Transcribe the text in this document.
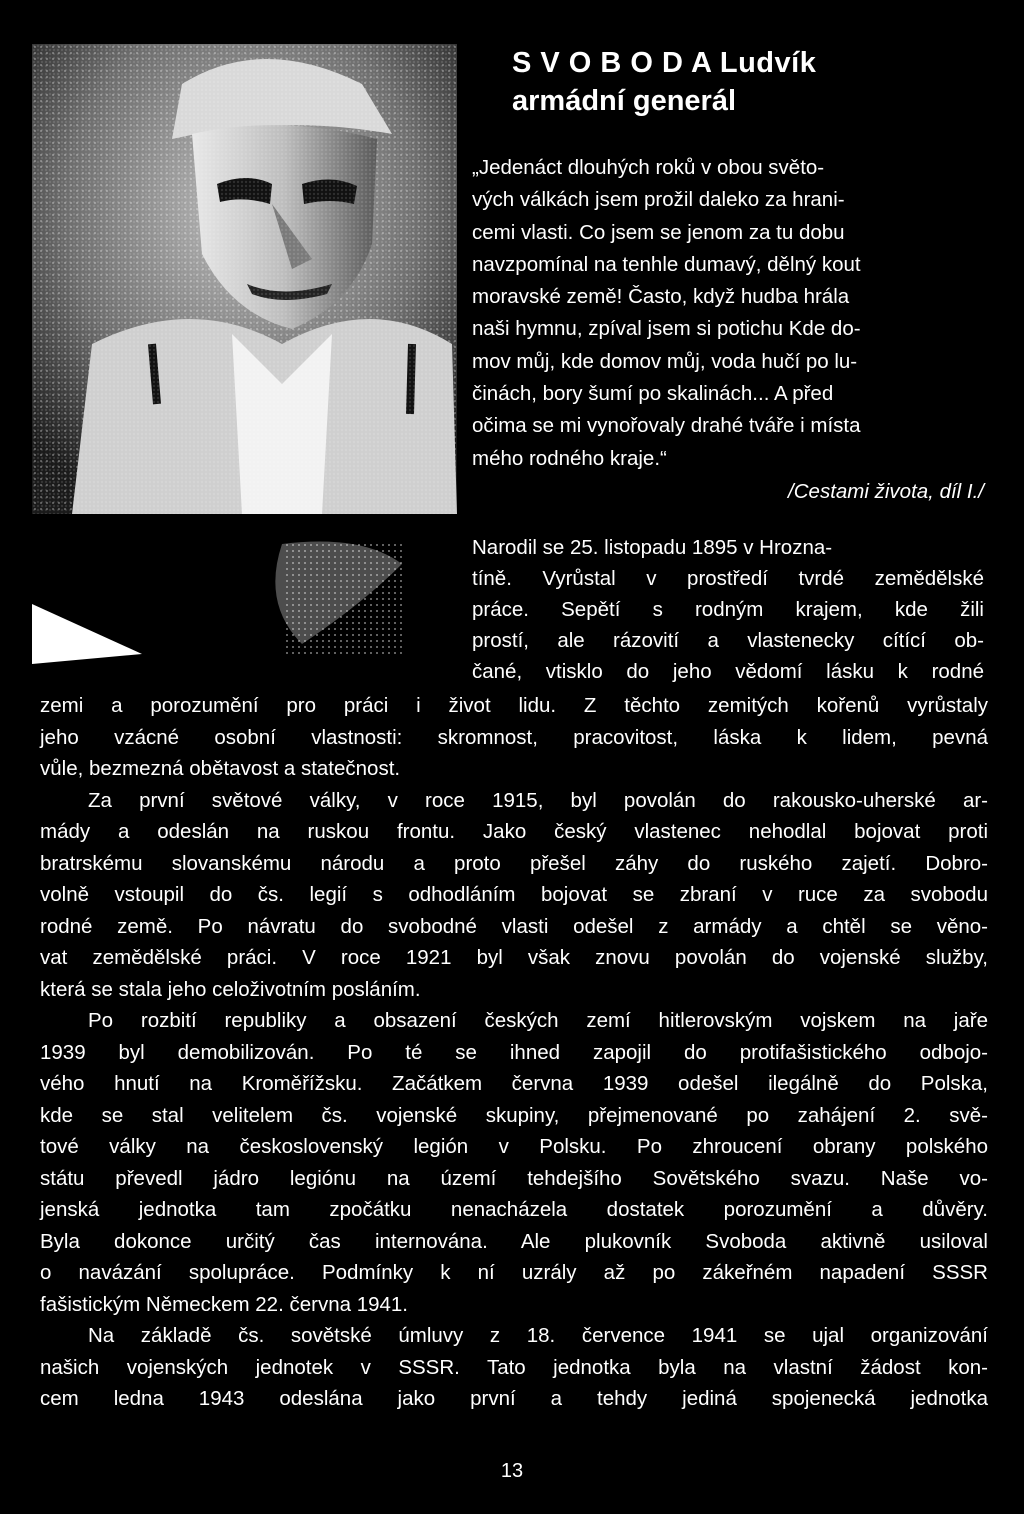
S V O B O D A Ludvík
armádní generál
„Jedenáct dlouhých roků v obou světo-
vých válkách jsem prožil daleko za hrani-
cemi vlasti. Co jsem se jenom za tu dobu
navzpomínal na tenhle dumavý, dělný kout
moravské země! Často, když hudba hrála
naši hymnu, zpíval jsem si potichu Kde do-
mov můj, kde domov můj, voda hučí po lu-
činách, bory šumí po skalinách... A před
očima se mi vynořovaly drahé tváře i místa
mého rodného kraje.“
/Cestami života, díl I./
Narodil se 25. listopadu 1895 v Hrozna-
tíně. Vyrůstal v prostředí tvrdé zemědělské
práce. Sepětí s rodným krajem, kde žili
prostí, ale rázovití a vlastenecky cítící ob-
čané, vtisklo do jeho vědomí lásku k rodné
zemi a porozumění pro práci i život lidu. Z těchto zemitých kořenů vyrůstaly
jeho vzácné osobní vlastnosti: skromnost, pracovitost, láska k lidem, pevná
vůle, bezmezná obětavost a statečnost.
Za první světové války, v roce 1915, byl povolán do rakousko-uherské ar-
mády a odeslán na ruskou frontu. Jako český vlastenec nehodlal bojovat proti
bratrskému slovanskému národu a proto přešel záhy do ruského zajetí. Dobro-
volně vstoupil do čs. legií s odhodláním bojovat se zbraní v ruce za svobodu
rodné země. Po návratu do svobodné vlasti odešel z armády a chtěl se věno-
vat zemědělské práci. V roce 1921 byl však znovu povolán do vojenské služby,
která se stala jeho celoživotním posláním.
Po rozbití republiky a obsazení českých zemí hitlerovským vojskem na jaře
1939 byl demobilizován. Po té se ihned zapojil do protifašistického odbojo-
vého hnutí na Kroměřížsku. Začátkem června 1939 odešel ilegálně do Polska,
kde se stal velitelem čs. vojenské skupiny, přejmenované po zahájení 2. svě-
tové války na československý legión v Polsku. Po zhroucení obrany polského
státu převedl jádro legiónu na území tehdejšího Sovětského svazu. Naše vo-
jenská jednotka tam zpočátku nenacházela dostatek porozumění a důvěry.
Byla dokonce určitý čas internována. Ale plukovník Svoboda aktivně usiloval
o navázání spolupráce. Podmínky k ní uzrály až po zákeřném napadení SSSR
fašistickým Německem 22. června 1941.
Na základě čs. sovětské úmluvy z 18. července 1941 se ujal organizování
našich vojenských jednotek v SSSR. Tato jednotka byla na vlastní žádost kon-
cem ledna 1943 odeslána jako první a tehdy jediná spojenecká jednotka
13
